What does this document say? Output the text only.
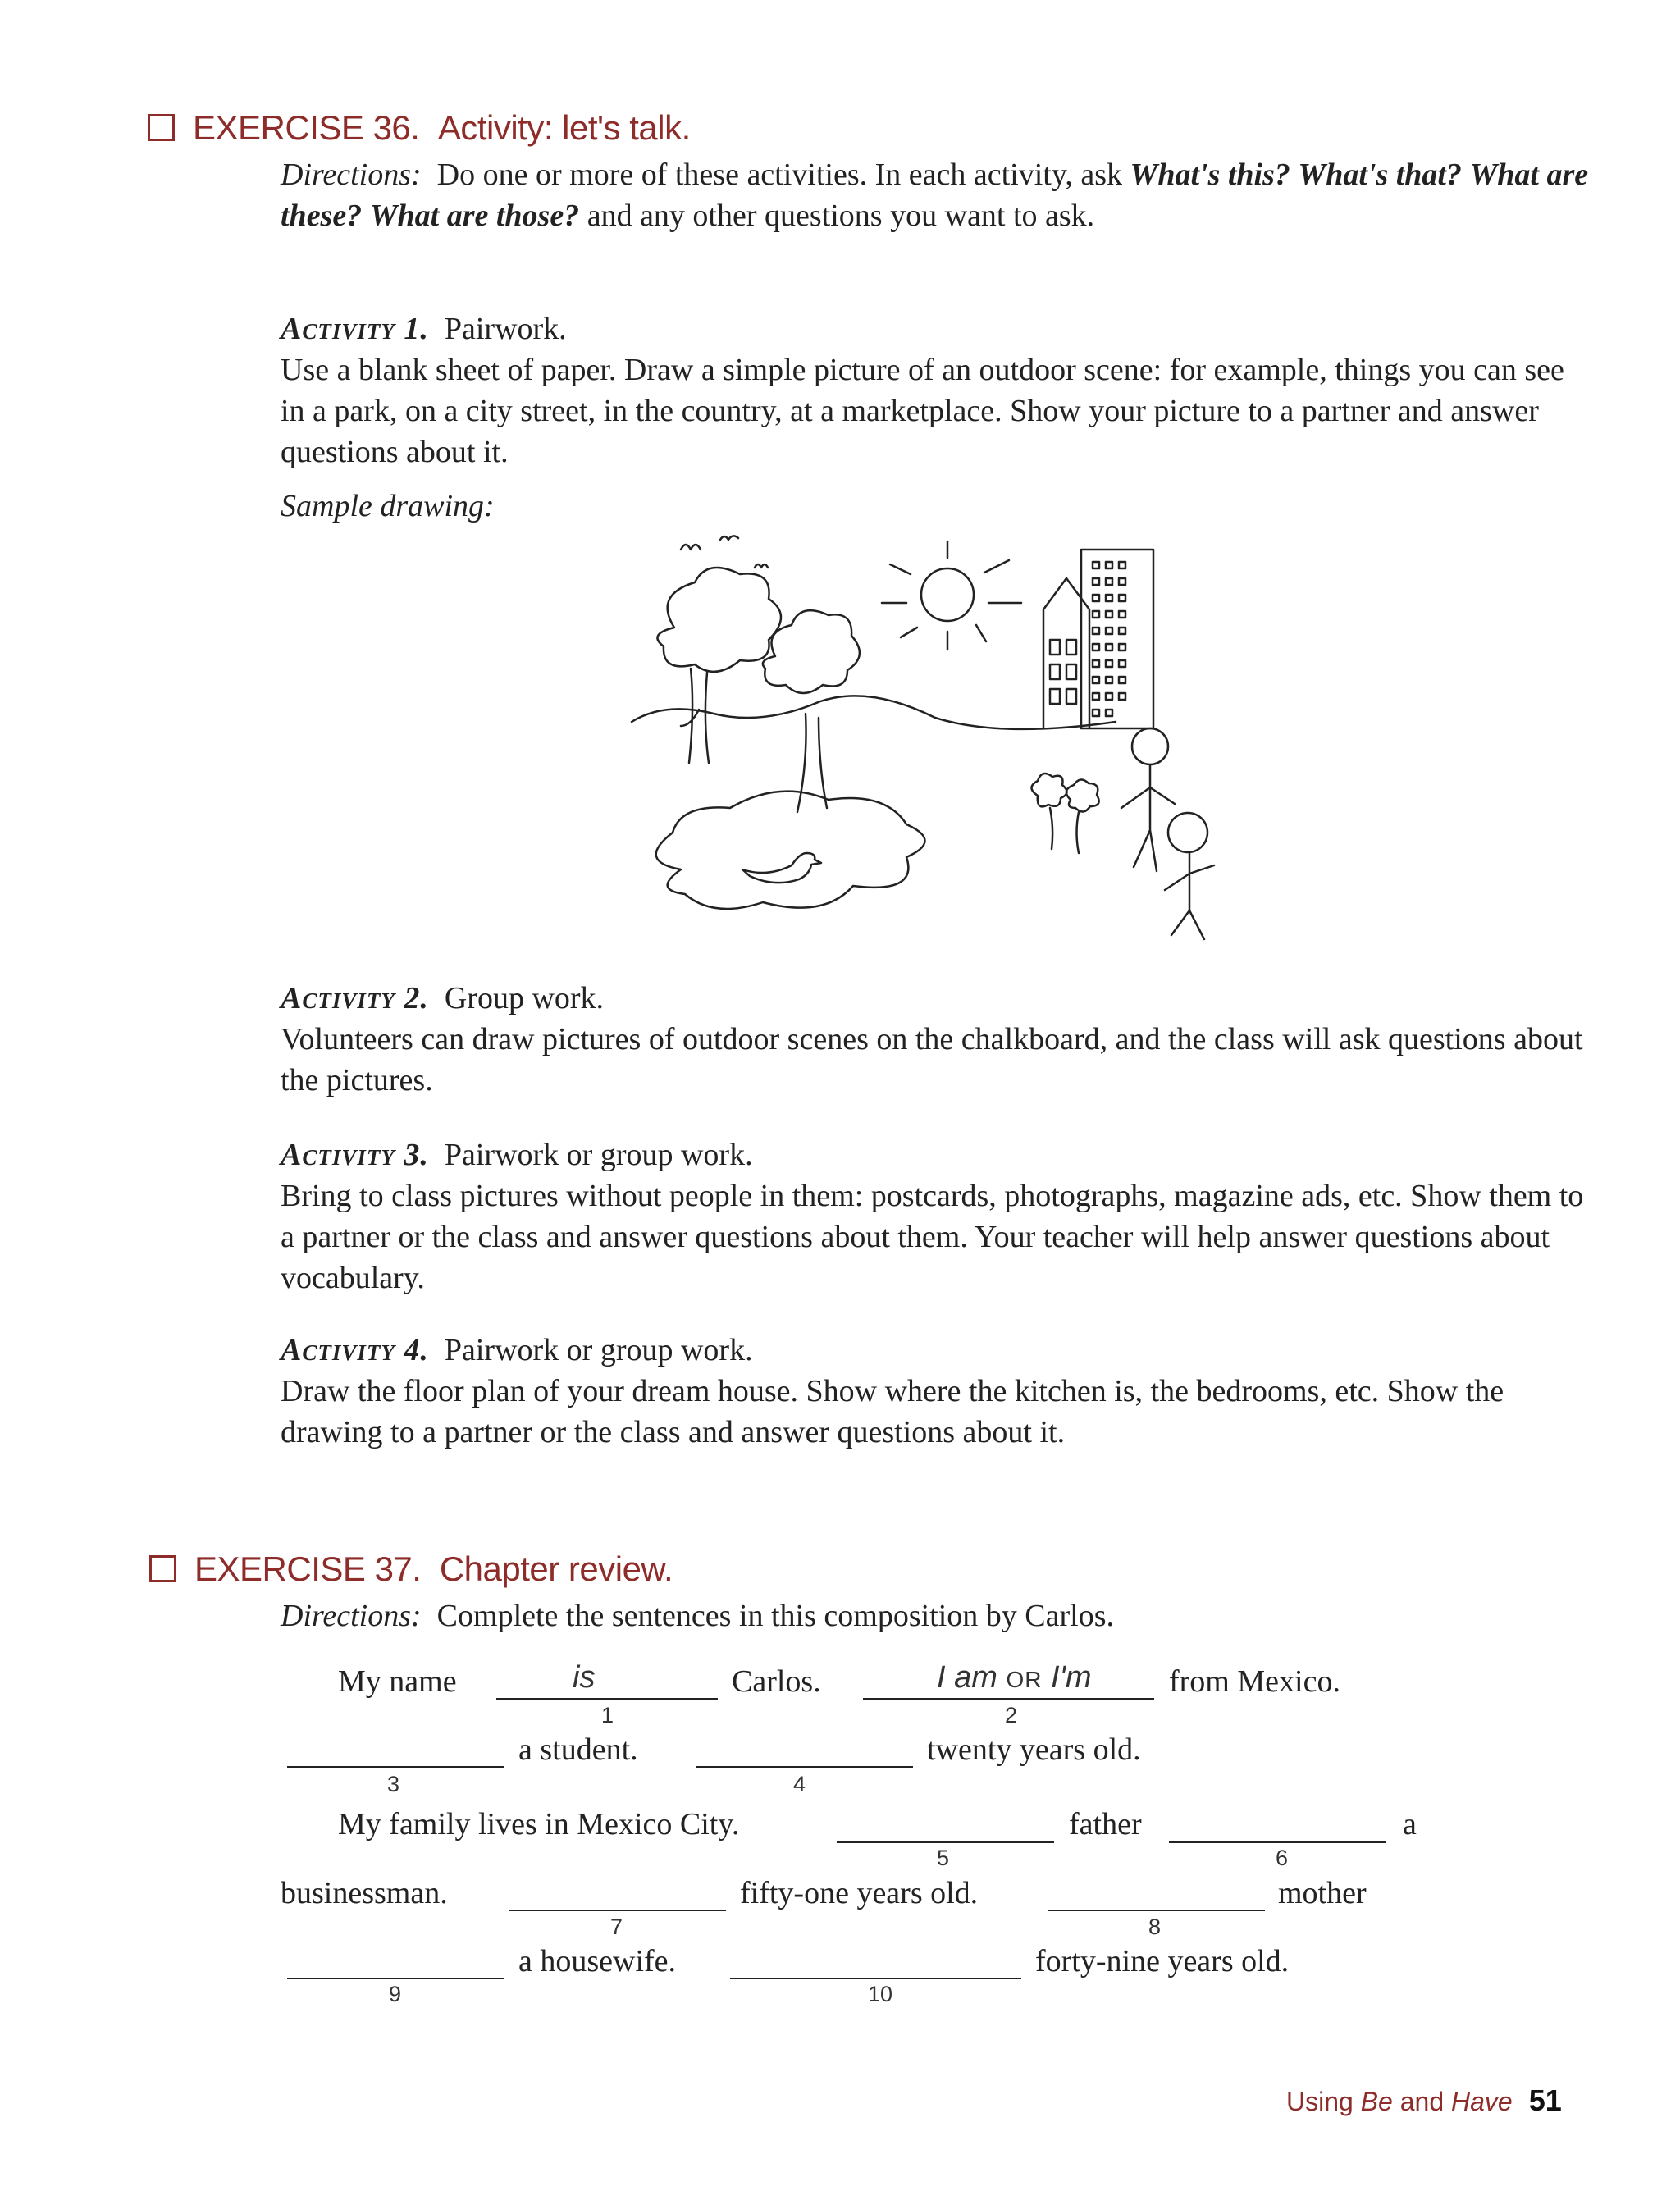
EXERCISE 36. Activity: let's talk.
Directions: Do one or more of these activities. In each activity, ask What's this? What's that? What are these? What are those? and any other questions you want to ask.
Activity 1. Pairwork.
Use a blank sheet of paper. Draw a simple picture of an outdoor scene: for example, things you can see in a park, on a city street, in the country, at a marketplace. Show your picture to a partner and answer questions about it.
Sample drawing:
Activity 2. Group work.
Volunteers can draw pictures of outdoor scenes on the chalkboard, and the class will ask questions about the pictures.
Activity 3. Pairwork or group work.
Bring to class pictures without people in them: postcards, photographs, magazine ads, etc. Show them to a partner or the class and answer questions about them. Your teacher will help answer questions about vocabulary.
Activity 4. Pairwork or group work.
Draw the floor plan of your dream house. Show where the kitchen is, the bedrooms, etc. Show the drawing to a partner or the class and answer questions about it.
EXERCISE 37. Chapter review.
Directions: Complete the sentences in this composition by Carlos.
My name	is
1
Carlos.	I am OR I'm
2
from Mexico.
3
a student.
4
twenty years old.
My family lives in Mexico City.
5
father
6
a
businessman.
7
fifty-one years old.
8
mother
9
a housewife.
10
forty-nine years old.
Using Be and Have 51
